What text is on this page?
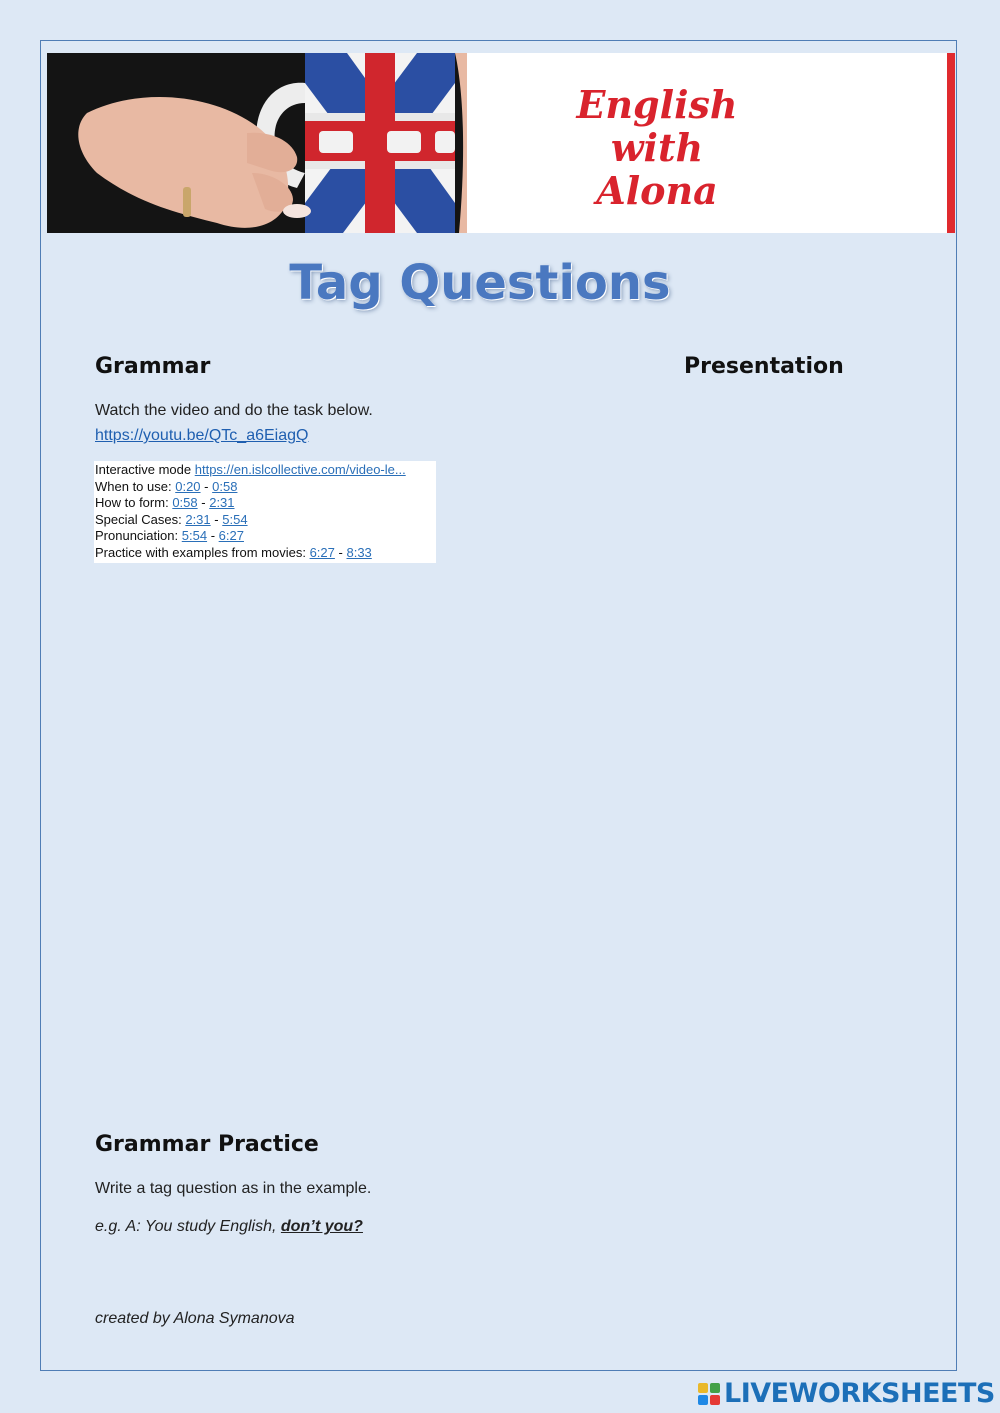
English
with
Alona
Tag Questions
Grammar	Presentation
Watch the video and do the task below.
https://youtu.be/QTc_a6EiagQ
Interactive mode https://en.islcollective.com/video-le...
When to use: 0:20 - 0:58
How to form: 0:58 - 2:31
Special Cases: 2:31 - 5:54
Pronunciation: 5:54 - 6:27
Practice with examples from movies: 6:27 - 8:33
Grammar Practice
Write a tag question as in the example.
e.g. A: You study English, don’t you?
created by Alona Symanova
LIVEWORKSHEETS
